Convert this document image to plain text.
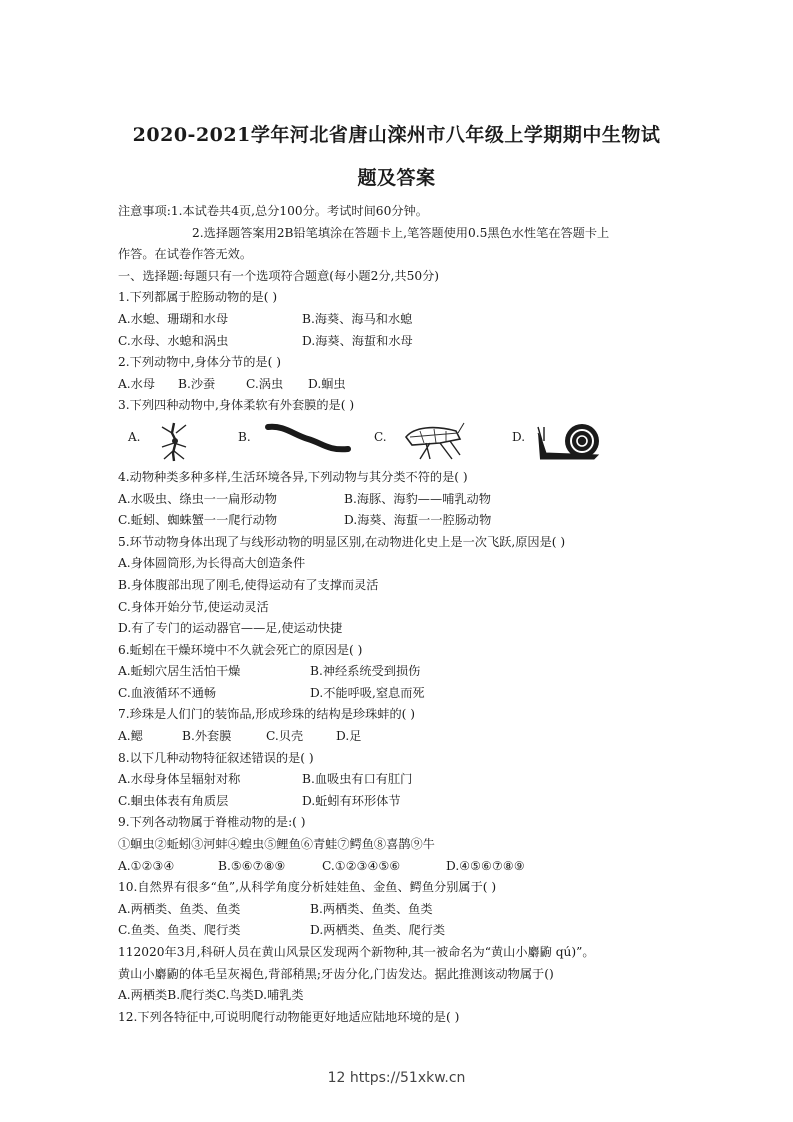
2020-2021学年河北省唐山滦州市八年级上学期期中生物试
题及答案
注意事项:1.本试卷共4页,总分100分。考试时间60分钟。
2.选择题答案用2B铅笔填涂在答题卡上,笔答题使用0.5黑色水性笔在答题卡上
作答。在试卷作答无效。
一、选择题:每题只有一个选项符合题意(每小题2分,共50分)
1.下列都属于腔肠动物的是( )
A.水螅、珊瑚和水母	B.海葵、海马和水螅
C.水母、水螅和涡虫	D.海葵、海蜇和水母
2.下列动物中,身体分节的是( )
A.水母	B.沙蚕	C.涡虫	D.蛔虫
3.下列四种动物中,身体柔软有外套膜的是( )
A.	B.	C.	D.
4.动物种类多种多样,生活环境各异,下列动物与其分类不符的是( )
A.水吸虫、绦虫一一扁形动物	B.海豚、海豹——哺乳动物
C.蚯蚓、蜘蛛蟹一一爬行动物	D.海葵、海蜇一一腔肠动物
5.环节动物身体出现了与线形动物的明显区别,在动物进化史上是一次飞跃,原因是( )
A.身体圆筒形,为长得高大创造条件
B.身体腹部出现了刚毛,使得运动有了支撑而灵活
C.身体开始分节,使运动灵活
D.有了专门的运动器官——足,使运动快捷
6.蚯蚓在干燥环境中不久就会死亡的原因是( )
A.蚯蚓穴居生活怕干燥	B.神经系统受到损伤
C.血液循环不通畅	D.不能呼吸,窒息而死
7.珍珠是人们门的装饰品,形成珍珠的结构是珍珠蚌的( )
A.鳃	B.外套膜	C.贝壳	D.足
8.以下几种动物特征叙述错误的是( )
A.水母身体呈辐射对称	B.血吸虫有口有肛门
C.蛔虫体表有角质层	D.蚯蚓有环形体节
9.下列各动物属于脊椎动物的是:( )
①蛔虫②蚯蚓③河蚌④蝗虫⑤鲤鱼⑥青蛙⑦鳄鱼⑧喜鹊⑨牛
A.①②③④	B.⑤⑥⑦⑧⑨	C.①②③④⑤⑥	D.④⑤⑥⑦⑧⑨
10.自然界有很多“鱼”,从科学角度分析娃娃鱼、金鱼、鳄鱼分别属于( )
A.两栖类、鱼类、鱼类	B.两栖类、鱼类、鱼类
C.鱼类、鱼类、爬行类	D.两栖类、鱼类、爬行类
112020年3月,科研人员在黄山风景区发现两个新物种,其一被命名为“黄山小麝鼩 qú)”。
黄山小麝鼩的体毛呈灰褐色,背部稍黑;牙齿分化,门齿发达。据此推测该动物属于()
A.两栖类B.爬行类C.鸟类D.哺乳类
12.下列各特征中,可说明爬行动物能更好地适应陆地环境的是( )
12 https://51xkw.cn
